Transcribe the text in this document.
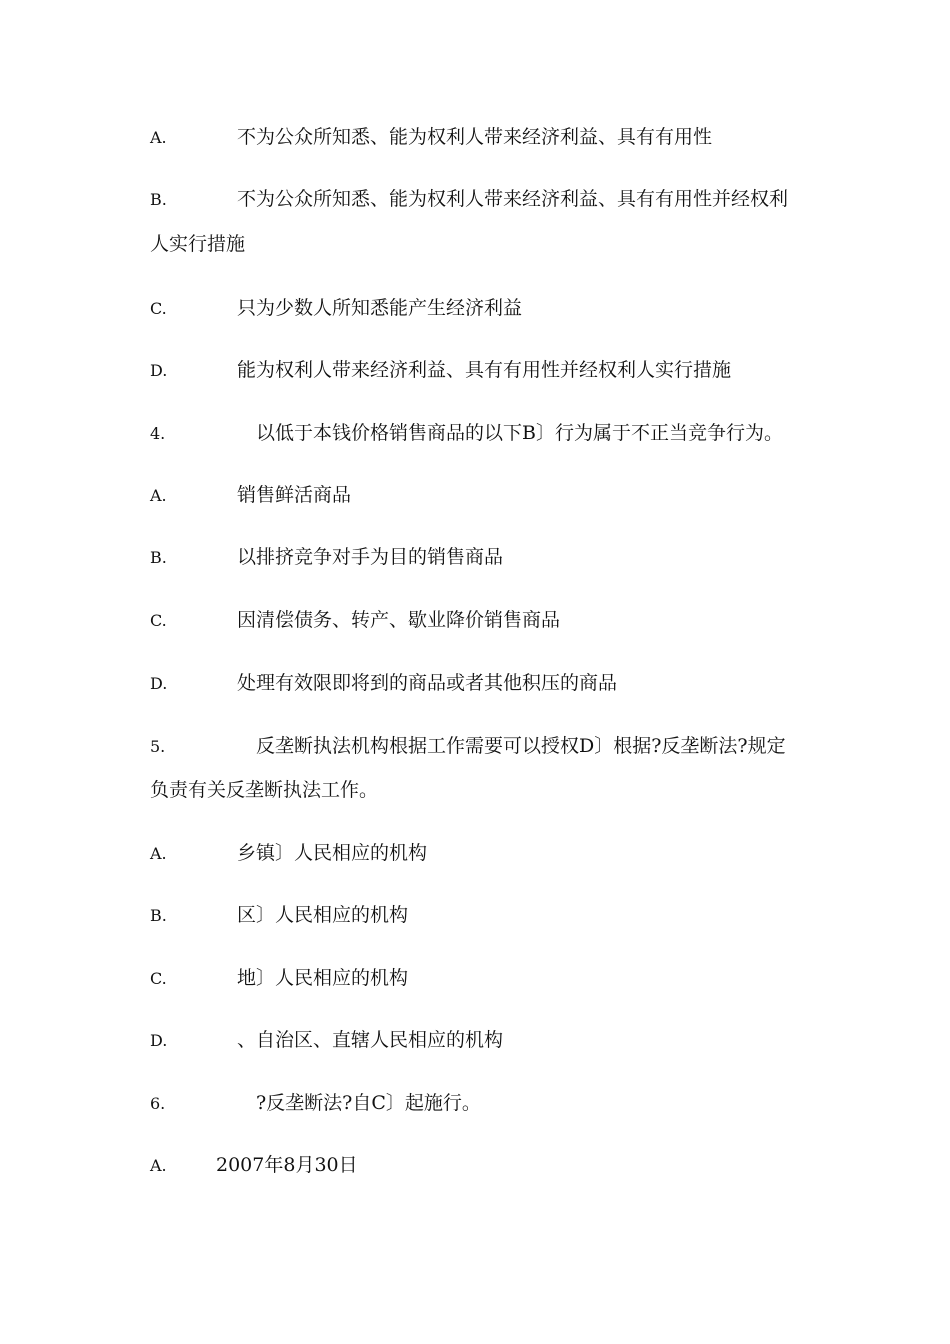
A.	不为公众所知悉、能为权利人带来经济利益、具有有用性
B.	不为公众所知悉、能为权利人带来经济利益、具有有用性并经权利
人实行措施
C.	只为少数人所知悉能产生经济利益
D.	能为权利人带来经济利益、具有有用性并经权利人实行措施
4.	以低于本钱价格销售商品的以下B〕行为属于不正当竞争行为。
A.	销售鲜活商品
B.	以排挤竞争对手为目的销售商品
C.	因清偿债务、转产、歇业降价销售商品
D.	处理有效限即将到的商品或者其他积压的商品
5.	反垄断执法机构根据工作需要可以授权D〕根据?反垄断法?规定
负责有关反垄断执法工作。
A.	乡镇〕人民相应的机构
B.	区〕人民相应的机构
C.	地〕人民相应的机构
D.	、自治区、直辖人民相应的机构
6.	?反垄断法?自C〕起施行。
A.	2007年8月30日
